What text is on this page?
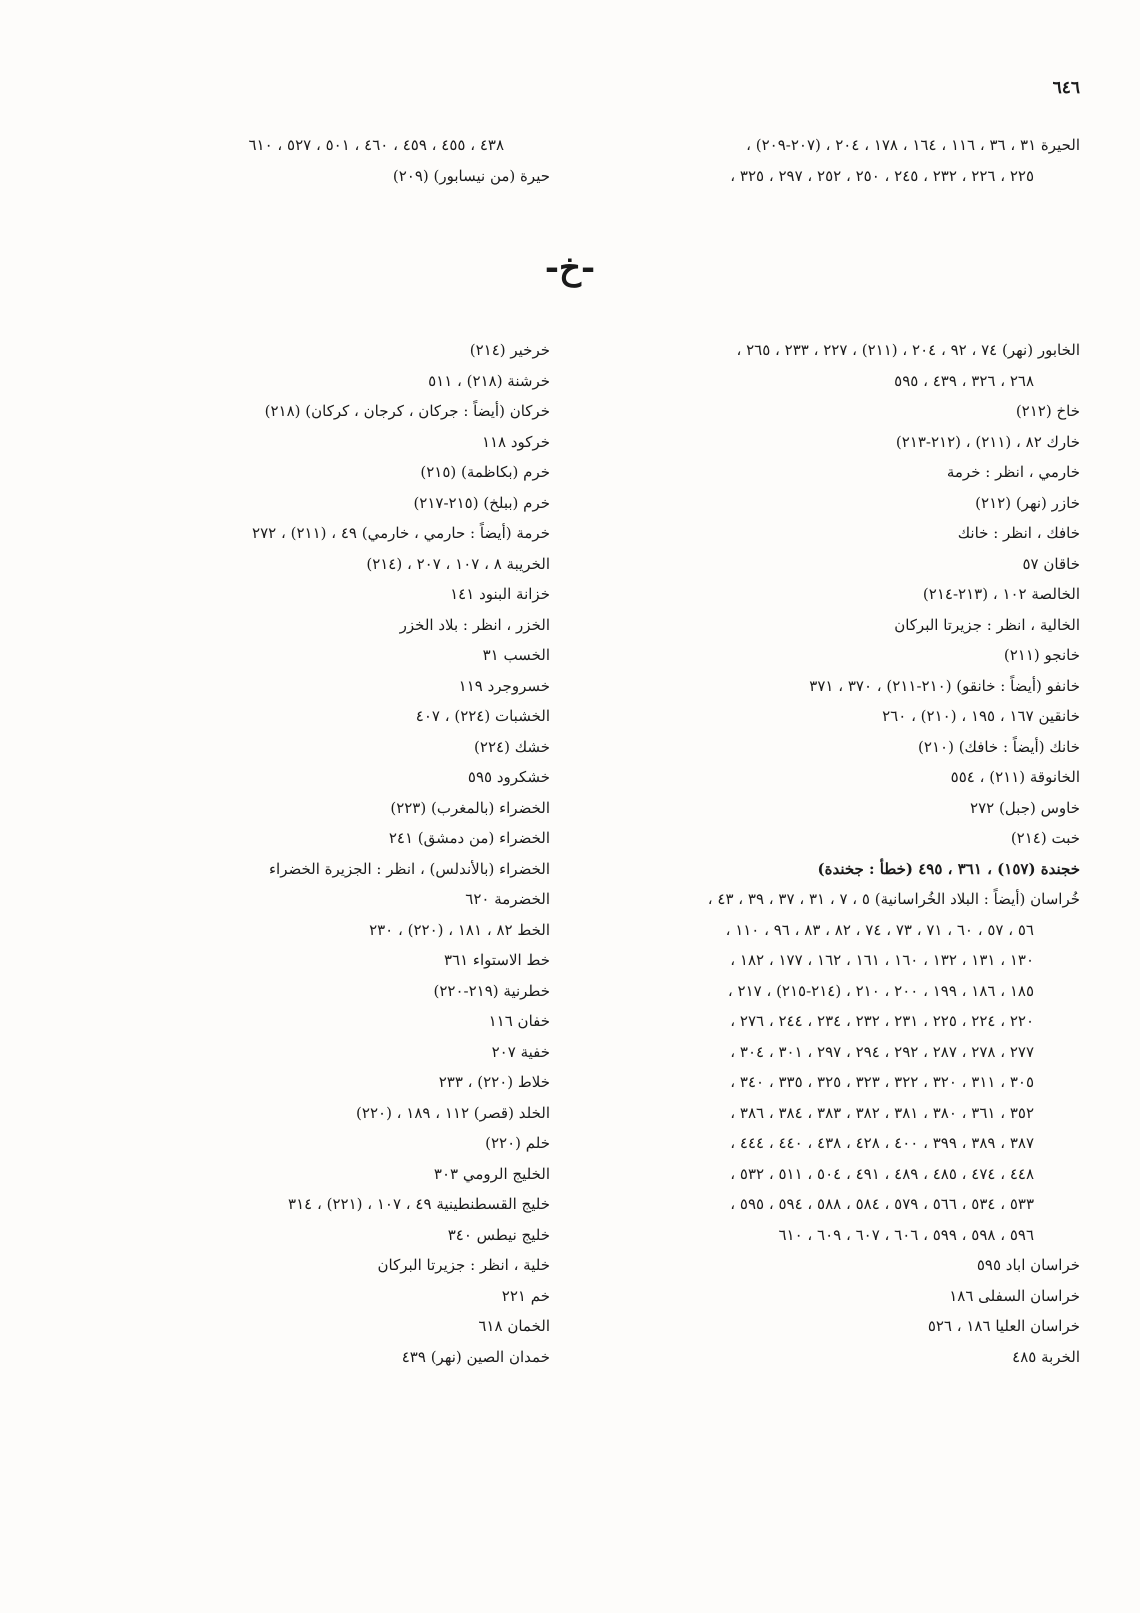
٦٤٦
الحيرة ٣١ ، ٣٦ ، ١١٦ ، ١٦٤ ، ١٧٨ ، ٢٠٤ ، (٢٠٧-٢٠٩) ،
٢٢٥ ، ٢٢٦ ، ٢٣٢ ، ٢٤٥ ، ٢٥٠ ، ٢٥٢ ، ٢٩٧ ، ٣٢٥ ،
٤٣٨ ، ٤٥٥ ، ٤٥٩ ، ٤٦٠ ، ٥٠١ ، ٥٢٧ ، ٦١٠
حيرة (من نيسابور) (٢٠٩)
-خ-
الخابور (نهر) ٧٤ ، ٩٢ ، ٢٠٤ ، (٢١١) ، ٢٢٧ ، ٢٣٣ ، ٢٦٥ ،
٢٦٨ ، ٣٢٦ ، ٤٣٩ ، ٥٩٥
خاخ (٢١٢)
خارك ٨٢ ، (٢١١) ، (٢١٢-٢١٣)
خارمي ، انظر : خرمة
خازر (نهر) (٢١٢)
خافك ، انظر : خانك
خاقان ٥٧
الخالصة ١٠٢ ، (٢١٣-٢١٤)
الخالية ، انظر : جزيرتا البركان
خانجو (٢١١)
خانفو (أيضاً : خانقو) (٢١٠-٢١١) ، ٣٧٠ ، ٣٧١
خانقين ١٦٧ ، ١٩٥ ، (٢١٠) ، ٢٦٠
خانك (أيضاً : خافك) (٢١٠)
الخانوقة (٢١١) ، ٥٥٤
خاوس (جبل) ٢٧٢
خبت (٢١٤)
خجندة (١٥٧) ، ٣٦١ ، ٤٩٥ (خطأ : جخندة)
خُراسان (أيضاً : البلاد الخُراسانية) ٥ ، ٧ ، ٣١ ، ٣٧ ، ٣٩ ، ٤٣ ،
٥٦ ، ٥٧ ، ٦٠ ، ٧١ ، ٧٣ ، ٧٤ ، ٨٢ ، ٨٣ ، ٩٦ ، ١١٠ ،
١٣٠ ، ١٣١ ، ١٣٢ ، ١٦٠ ، ١٦١ ، ١٦٢ ، ١٧٧ ، ١٨٢ ،
١٨٥ ، ١٨٦ ، ١٩٩ ، ٢٠٠ ، ٢١٠ ، (٢١٤-٢١٥) ، ٢١٧ ،
٢٢٠ ، ٢٢٤ ، ٢٢٥ ، ٢٣١ ، ٢٣٢ ، ٢٣٤ ، ٢٤٤ ، ٢٧٦ ،
٢٧٧ ، ٢٧٨ ، ٢٨٧ ، ٢٩٢ ، ٢٩٤ ، ٢٩٧ ، ٣٠١ ، ٣٠٤ ،
٣٠٥ ، ٣١١ ، ٣٢٠ ، ٣٢٢ ، ٣٢٣ ، ٣٢٥ ، ٣٣٥ ، ٣٤٠ ،
٣٥٢ ، ٣٦١ ، ٣٨٠ ، ٣٨١ ، ٣٨٢ ، ٣٨٣ ، ٣٨٤ ، ٣٨٦ ،
٣٨٧ ، ٣٨٩ ، ٣٩٩ ، ٤٠٠ ، ٤٢٨ ، ٤٣٨ ، ٤٤٠ ، ٤٤٤ ،
٤٤٨ ، ٤٧٤ ، ٤٨٥ ، ٤٨٩ ، ٤٩١ ، ٥٠٤ ، ٥١١ ، ٥٣٢ ،
٥٣٣ ، ٥٣٤ ، ٥٦٦ ، ٥٧٩ ، ٥٨٤ ، ٥٨٨ ، ٥٩٤ ، ٥٩٥ ،
٥٩٦ ، ٥٩٨ ، ٥٩٩ ، ٦٠٦ ، ٦٠٧ ، ٦٠٩ ، ٦١٠
خراسان اباد ٥٩٥
خراسان السفلى ١٨٦
خراسان العليا ١٨٦ ، ٥٢٦
الخربة ٤٨٥
خرخير (٢١٤)
خرشنة (٢١٨) ، ٥١١
خركان (أيضاً : جركان ، كرجان ، كركان) (٢١٨)
خركود ١١٨
خرم (بكاظمة) (٢١٥)
خرم (ببلخ) (٢١٥-٢١٧)
خرمة (أيضاً : حارمي ، خارمي) ٤٩ ، (٢١١) ، ٢٧٢
الخريبة ٨ ، ١٠٧ ، ٢٠٧ ، (٢١٤)
خزانة البنود ١٤١
الخزر ، انظر : بلاد الخزر
الخسب ٣١
خسروجرد ١١٩
الخشبات (٢٢٤) ، ٤٠٧
خشك (٢٢٤)
خشكرود ٥٩٥
الخضراء (بالمغرب) (٢٢٣)
الخضراء (من دمشق) ٢٤١
الخضراء (بالأندلس) ، انظر : الجزيرة الخضراء
الخضرمة ٦٢٠
الخط ٨٢ ، ١٨١ ، (٢٢٠) ، ٢٣٠
خط الاستواء ٣٦١
خطرنية (٢١٩-٢٢٠)
خفان ١١٦
خفية ٢٠٧
خلاط (٢٢٠) ، ٢٣٣
الخلد (قصر) ١١٢ ، ١٨٩ ، (٢٢٠)
خلم (٢٢٠)
الخليج الرومي ٣٠٣
خليج القسطنطينية ٤٩ ، ١٠٧ ، (٢٢١) ، ٣١٤
خليج نيطس ٣٤٠
خلية ، انظر : جزيرتا البركان
خم ٢٢١
الخمان ٦١٨
خمدان الصين (نهر) ٤٣٩
